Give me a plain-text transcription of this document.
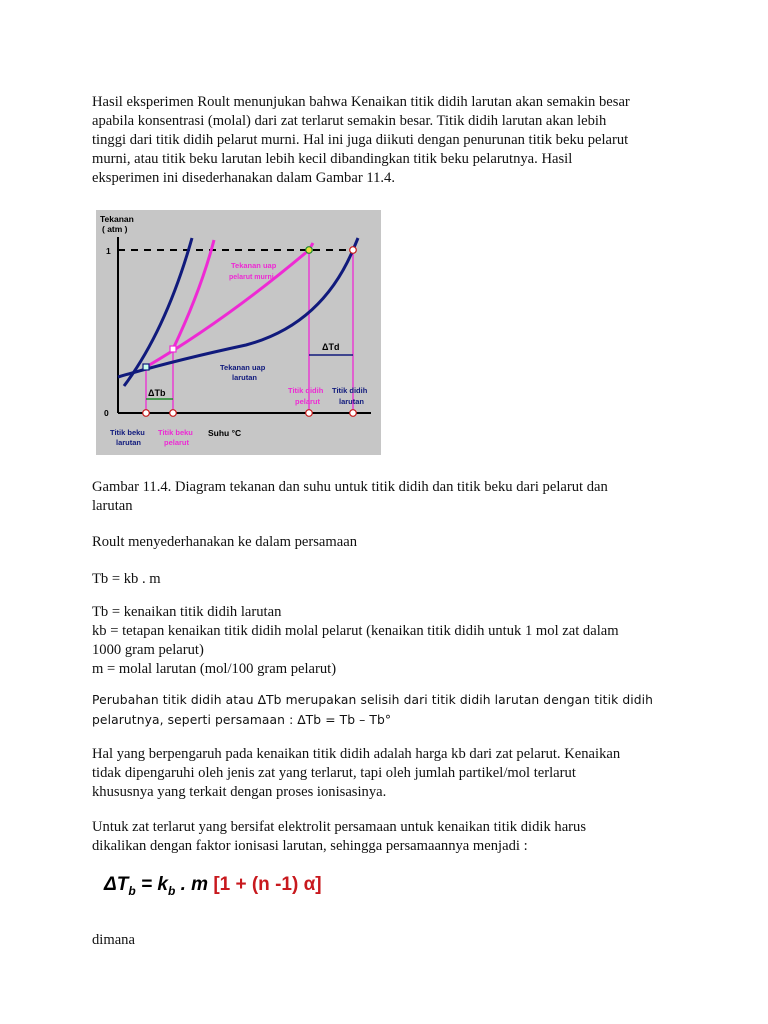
Hasil eksperimen Roult menunjukan bahwa Kenaikan titik didih larutan akan semakin besar
apabila konsentrasi (molal) dari zat terlarut semakin besar. Titik didih larutan akan lebih
tinggi dari titik didih pelarut murni. Hal ini juga diikuti dengan penurunan titik beku pelarut
murni, atau titik beku larutan lebih kecil dibandingkan titik beku pelarutnya. Hasil
eksperimen ini disederhanakan dalam Gambar 11.4.

Tekanan
( atm )
1
0
Tekanan uap
pelarut murni
Tekanan uap
larutan
ΔTb
ΔTd
Titik didih
pelarut
Titik didih
larutan
Titik beku
larutan
Titik beku
pelarut
Suhu °C

Gambar 11.4. Diagram tekanan dan suhu untuk titik didih dan titik beku dari pelarut dan
larutan

Roult menyederhanakan ke dalam persamaan

Tb = kb . m

Tb = kenaikan titik didih larutan
kb = tetapan kenaikan titik didih molal pelarut (kenaikan titik didih untuk 1 mol zat dalam
1000 gram pelarut)
m = molal larutan (mol/100 gram pelarut)

Perubahan titik didih atau ∆Tb merupakan selisih dari titik didih larutan dengan titik didih
pelarutnya, seperti persamaan : ∆Tb = Tb – Tb°

Hal yang berpengaruh pada kenaikan titik didih adalah harga kb dari zat pelarut. Kenaikan
tidak dipengaruhi oleh jenis zat yang terlarut, tapi oleh jumlah partikel/mol terlarut
khususnya yang terkait dengan proses ionisasinya.

Untuk zat terlarut yang bersifat elektrolit persamaan untuk kenaikan titik didik harus
dikalikan dengan faktor ionisasi larutan, sehingga persamaannya menjadi :

$\Delta T_b = k_b$ . m [1 + (n -1) α]

dimana
